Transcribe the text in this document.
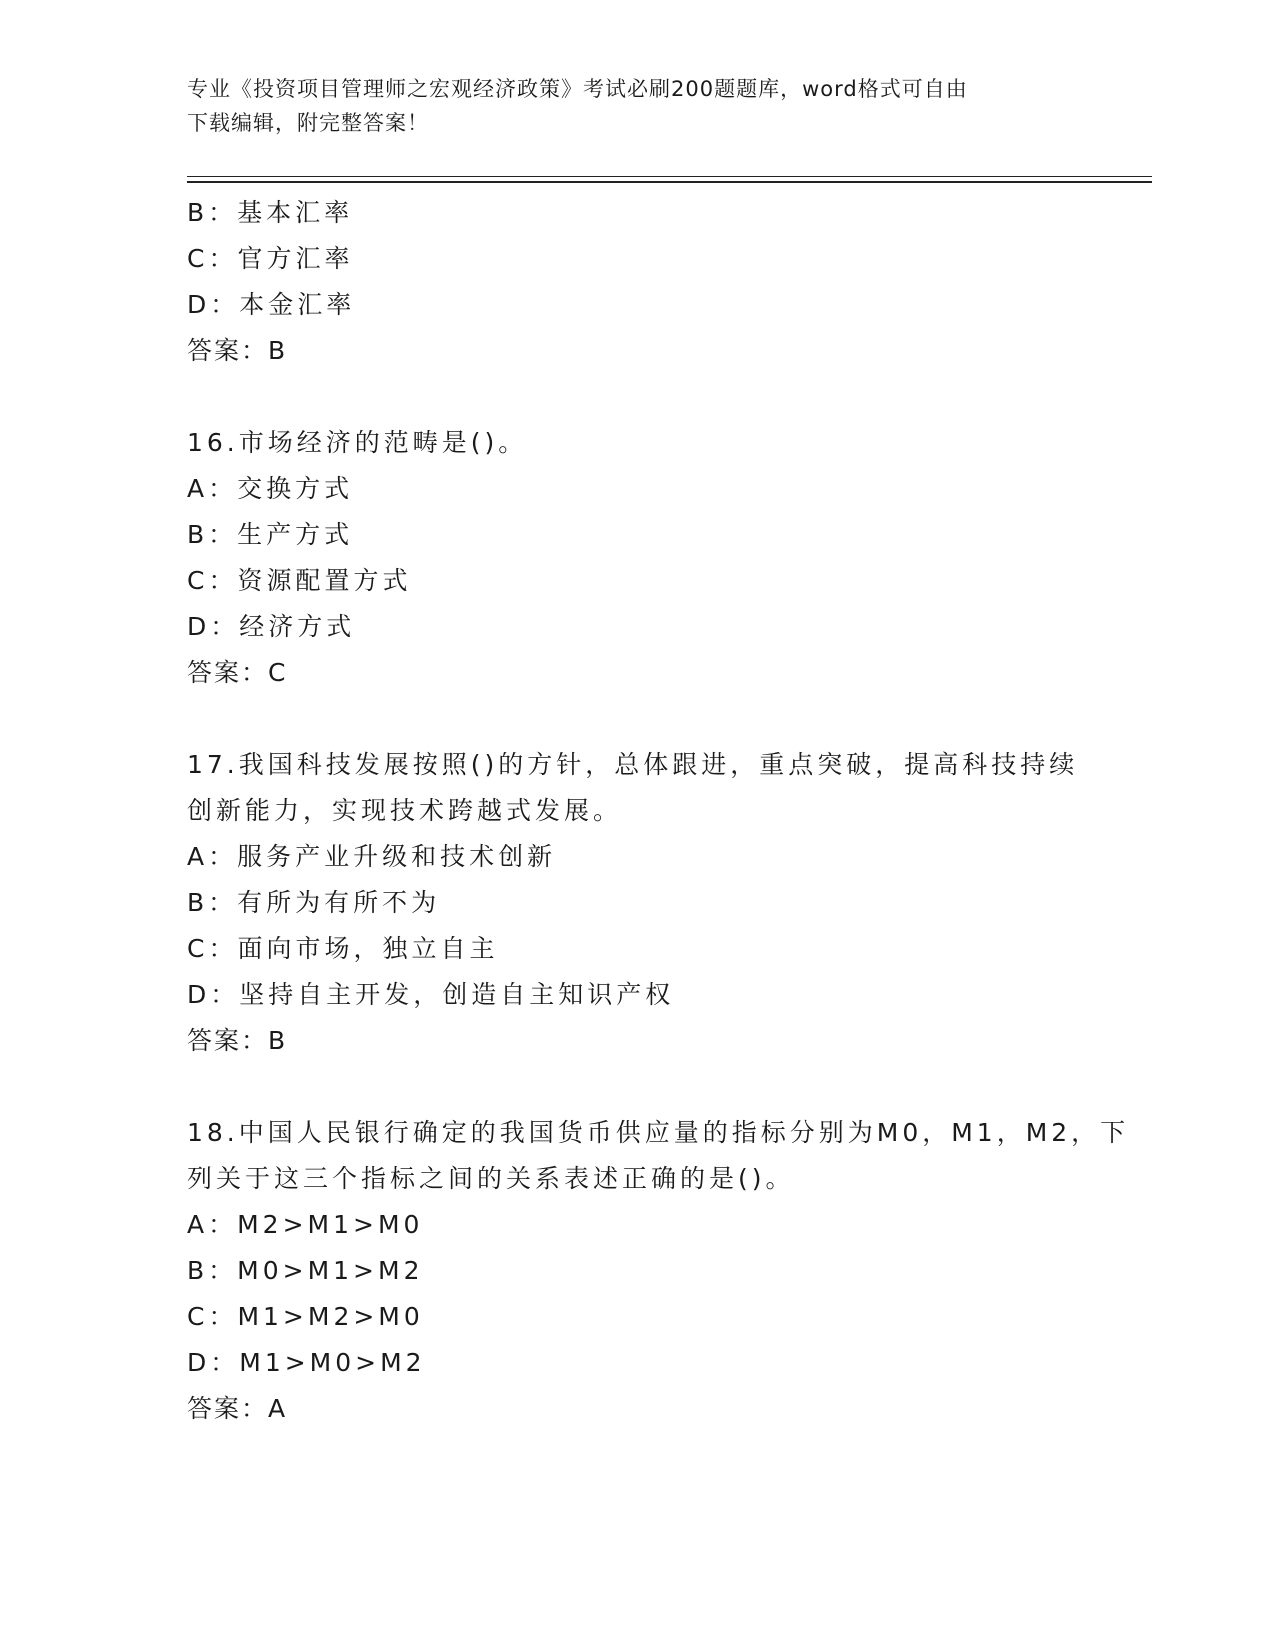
专业《投资项目管理师之宏观经济政策》考试必刷200题题库，word格式可自由
下载编辑，附完整答案！
B：基本汇率
C：官方汇率
D：本金汇率
答案：B
16.市场经济的范畴是()。
A：交换方式
B：生产方式
C：资源配置方式
D：经济方式
答案：C
17.我国科技发展按照()的方针，总体跟进，重点突破，提高科技持续
创新能力，实现技术跨越式发展。
A：服务产业升级和技术创新
B：有所为有所不为
C：面向市场，独立自主
D：坚持自主开发，创造自主知识产权
答案：B
18.中国人民银行确定的我国货币供应量的指标分别为M0，M1，M2，下
列关于这三个指标之间的关系表述正确的是()。
A：M2>M1>M0
B：M0>M1>M2
C：M1>M2>M0
D：M1>M0>M2
答案：A
